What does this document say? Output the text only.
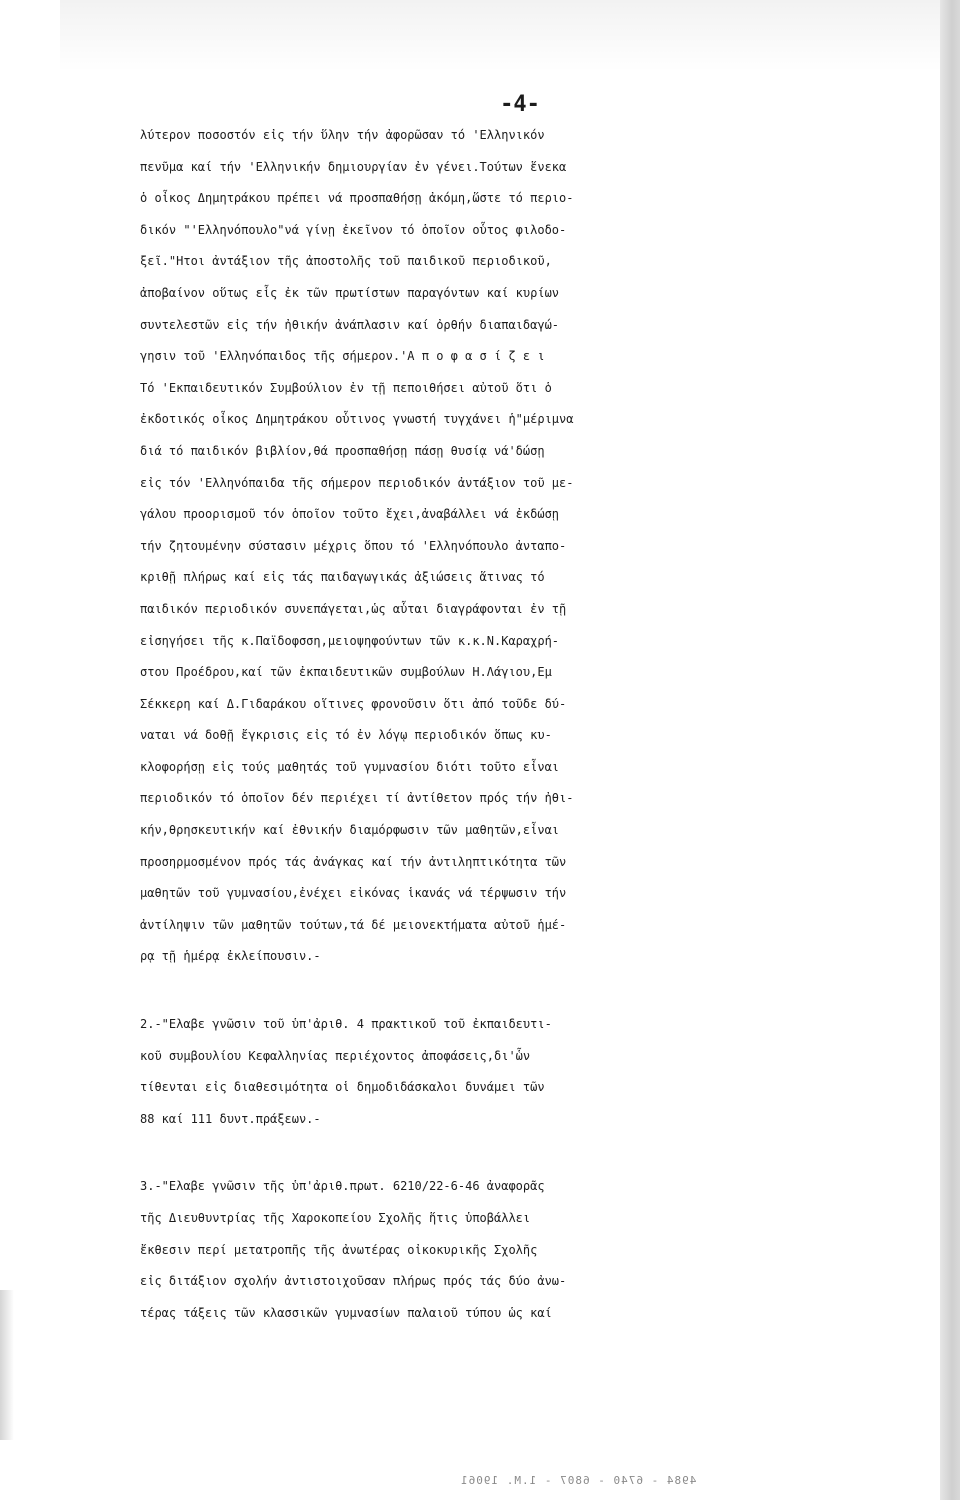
-4-
λύτερον ποσοστόν εἰς τήν ὕλην τήν ἀφορῶσαν τό 'Ελληνικόν
πενῦμα καί τήν 'Ελληνικήν δημιουργίαν ἐν γένει.Τούτων ἕνεκα
ὁ οἶκος Δημητράκου πρέπει νά προσπαθήσῃ ἀκόμη,ὥστε τό περιο-
δικόν "'Ελληνόπουλο"νά γίνῃ ἐκεῖνον τό ὁποῖον οὗτος φιλοδο-
ξεῖ."Ητοι ἀντάξιον τῆς ἀποστολῆς τοῦ παιδικοῦ περιοδικοῦ,
ἀποβαίνον οὕτως εἷς ἐκ τῶν πρωτίστων παραγόντων καί κυρίων
συντελεστῶν εἰς τήν ἠθικήν ἀνάπλασιν καί ὀρθήν διαπαιδαγώ-
γησιν τοῦ 'Ελληνόπαιδος τῆς σήμερον.'Α π ο φ α σ ί ζ ε ι
Τό 'Εκπαιδευτικόν Συμβούλιον ἐν τῇ πεποιθήσει αὐτοῦ ὅτι ὁ
ἐκδοτικός οἶκος Δημητράκου οὗτινος γνωστή τυγχάνει ἡ"μέριμνα
διά τό παιδικόν βιβλίον,θά προσπαθήσῃ πάσῃ θυσίᾳ νά'δώσῃ
εἰς τόν 'Ελληνόπαιδα τῆς σήμερον περιοδικόν ἀντάξιον τοῦ με-
γάλου προορισμοῦ τόν ὁποῖον τοῦτο ἔχει,ἀναβάλλει νά ἐκδώσῃ
τήν ζητουμένην σύστασιν μέχρις ὅπου τό 'Ελληνόπουλο ἀνταπο-
κριθῇ πλήρως καί εἰς τάς παιδαγωγικάς ἀξιώσεις ἅτινας τό
παιδικόν περιοδικόν συνεπάγεται,ὡς αὗται διαγράφονται ἐν τῇ
εἰσηγήσει τῆς κ.Παϊδοφσση,μειοψηφούντων τῶν κ.κ.Ν.Καραχρή-
στου Προέδρου,καί τῶν ἐκπαιδευτικῶν συμβούλων Η.Λάγιου,Εμ
Σέκκερη καί Δ.Γιδαράκου οἵτινες φρονοῦσιν ὅτι ἀπό τοῦδε δύ-
ναται νά δοθῇ ἔγκρισις εἰς τό ἐν λόγῳ περιοδικόν ὅπως κυ-
κλοφορήσῃ εἰς τούς μαθητάς τοῦ γυμνασίου διότι τοῦτο εἶναι
περιοδικόν τό ὁποῖον δέν περιέχει τί ἀντίθετον πρός τήν ἠθι-
κήν,θρησκευτικήν καί ἐθνικήν διαμόρφωσιν τῶν μαθητῶν,εἶναι
προσηρμοσμένον πρός τάς ἀνάγκας καί τήν ἀντιληπτικότητα τῶν
μαθητῶν τοῦ γυμνασίου,ἐνέχει εἰκόνας ἱκανάς νά τέρψωσιν τήν
ἀντίληψιν τῶν μαθητῶν τούτων,τά δέ μειονεκτήματα αὐτοῦ ἡμέ-
ρᾳ τῇ ἡμέρᾳ ἐκλείπουσιν.-
2.-"Ελαβε γνῶσιν τοῦ ὑπ'ἀριθ. 4 πρακτικοῦ τοῦ ἐκπαιδευτι-
κοῦ συμβουλίου Κεφαλληνίας περιέχοντος ἀποφάσεις,δι'ὧν
τίθενται εἰς διαθεσιμότητα οἱ δημοδιδάσκαλοι δυνάμει τῶν
88 καί 111 δυντ.πράξεων.-
3.-"Ελαβε γνῶσιν τῆς ὑπ'ἀριθ.πρωτ. 6210/22-6-46 ἀναφορᾶς
τῆς Διευθυντρίας τῆς Χαροκοπείου Σχολῆς ἥτις ὑποβάλλει
ἔκθεσιν περί μετατροπῆς τῆς ἀνωτέρας οἰκοκυρικῆς Σχολῆς
εἰς διτάξιον σχολήν ἀντιστοιχοῦσαν πλήρως πρός τάς δύο ἀνω-
τέρας τάξεις τῶν κλασσικῶν γυμνασίων παλαιοῦ τύπου ὡς καί
4984 - 6740 - 6807 - 1.M. 19061
